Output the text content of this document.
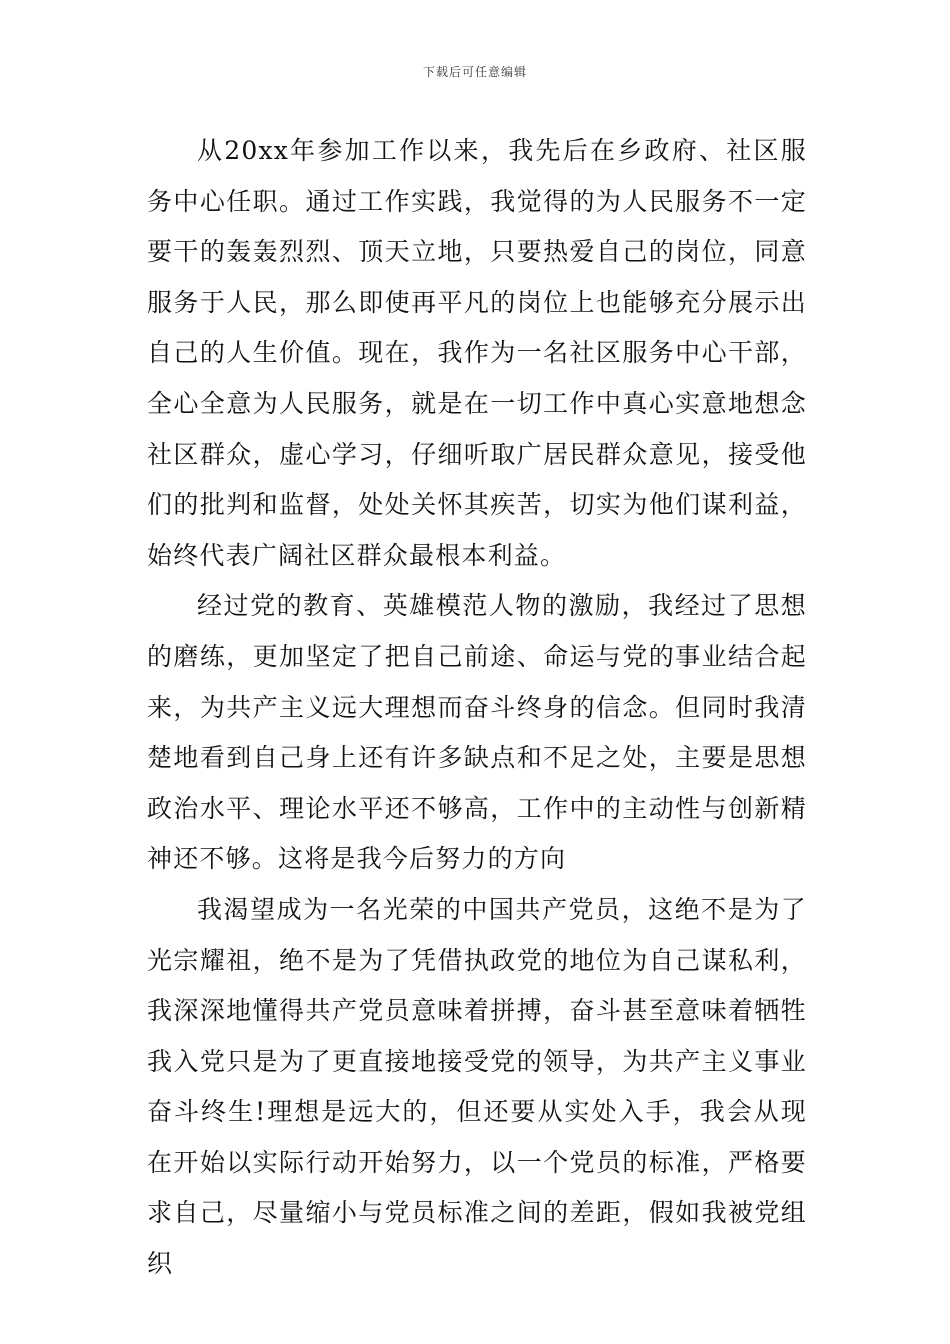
下载后可任意编辑

从20xx年参加工作以来，我先后在乡政府、社区服务中心任职。通过工作实践，我觉得的为人民服务不一定要干的轰轰烈烈、顶天立地，只要热爱自己的岗位，同意服务于人民，那么即使再平凡的岗位上也能够充分展示出自己的人生价值。现在，我作为一名社区服务中心干部，全心全意为人民服务，就是在一切工作中真心实意地想念社区群众，虚心学习，仔细听取广居民群众意见，接受他们的批判和监督，处处关怀其疾苦，切实为他们谋利益，始终代表广阔社区群众最根本利益。

经过党的教育、英雄模范人物的激励，我经过了思想的磨练，更加坚定了把自己前途、命运与党的事业结合起来，为共产主义远大理想而奋斗终身的信念。但同时我清楚地看到自己身上还有许多缺点和不足之处，主要是思想政治水平、理论水平还不够高，工作中的主动性与创新精神还不够。这将是我今后努力的方向

我渴望成为一名光荣的中国共产党员，这绝不是为了光宗耀祖，绝不是为了凭借执政党的地位为自己谋私利，我深深地懂得共产党员意味着拼搏，奋斗甚至意味着牺牲我入党只是为了更直接地接受党的领导，为共产主义事业奋斗终生!理想是远大的，但还要从实处入手，我会从现在开始以实际行动开始努力，以一个党员的标准，严格要求自己，尽量缩小与党员标准之间的差距，假如我被党组织
